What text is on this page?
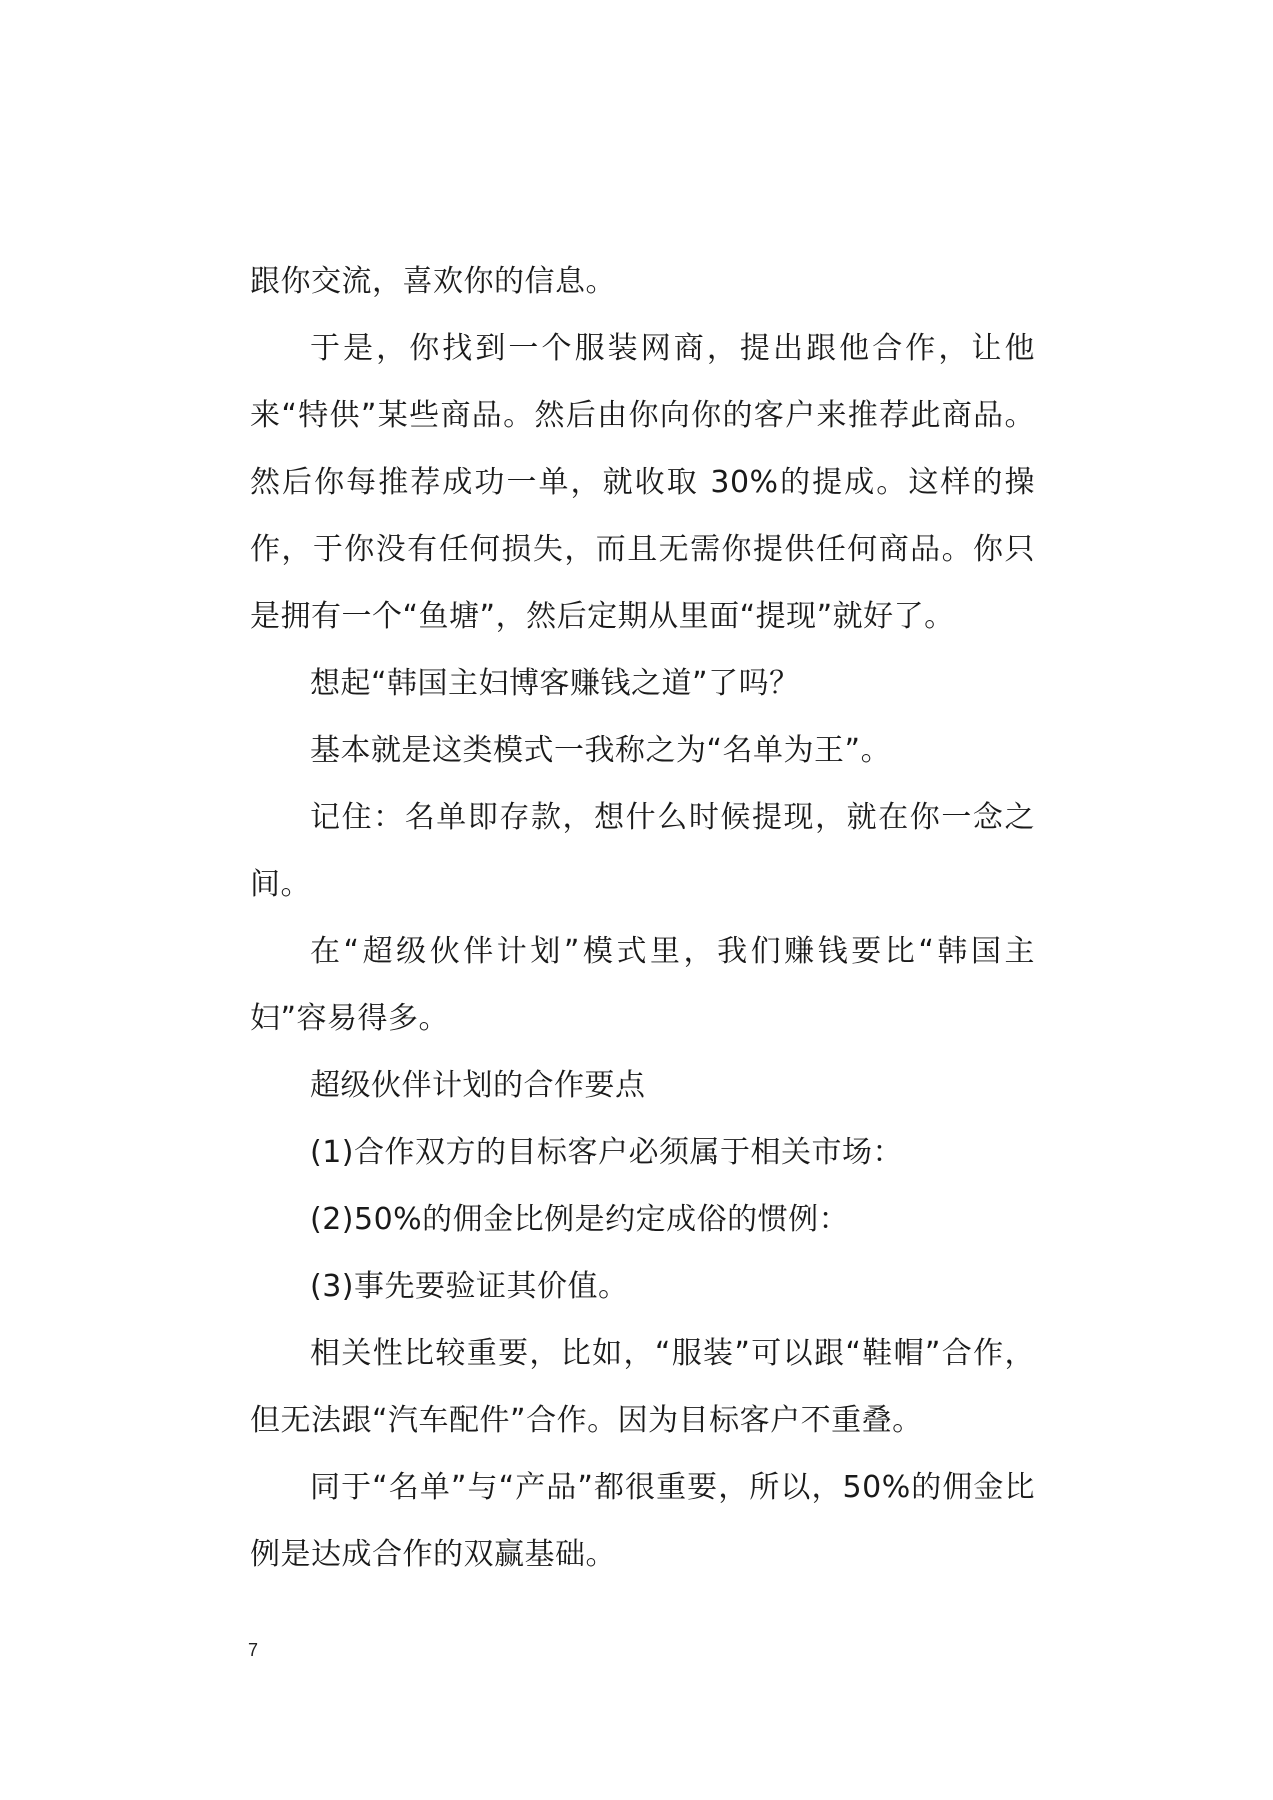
跟你交流，喜欢你的信息。

于是，你找到一个服装网商，提出跟他合作，让他来“特供”某些商品。然后由你向你的客户来推荐此商品。然后你每推荐成功一单，就收取 30%的提成。这样的操作，于你没有任何损失，而且无需你提供任何商品。你只是拥有一个“鱼塘”，然后定期从里面“提现”就好了。

想起“韩国主妇博客赚钱之道”了吗？

基本就是这类模式一我称之为“名单为王”。

记住：名单即存款，想什么时候提现，就在你一念之间。

在“超级伙伴计划”模式里，我们赚钱要比“韩国主妇”容易得多。

超级伙伴计划的合作要点

(1)合作双方的目标客户必须属于相关市场：

(2)50%的佣金比例是约定成俗的惯例：

(3)事先要验证其价值。

相关性比较重要，比如，“服装”可以跟“鞋帽”合作，但无法跟“汽车配件”合作。因为目标客户不重叠。

同于“名单”与“产品”都很重要，所以，50%的佣金比例是达成合作的双赢基础。

7
